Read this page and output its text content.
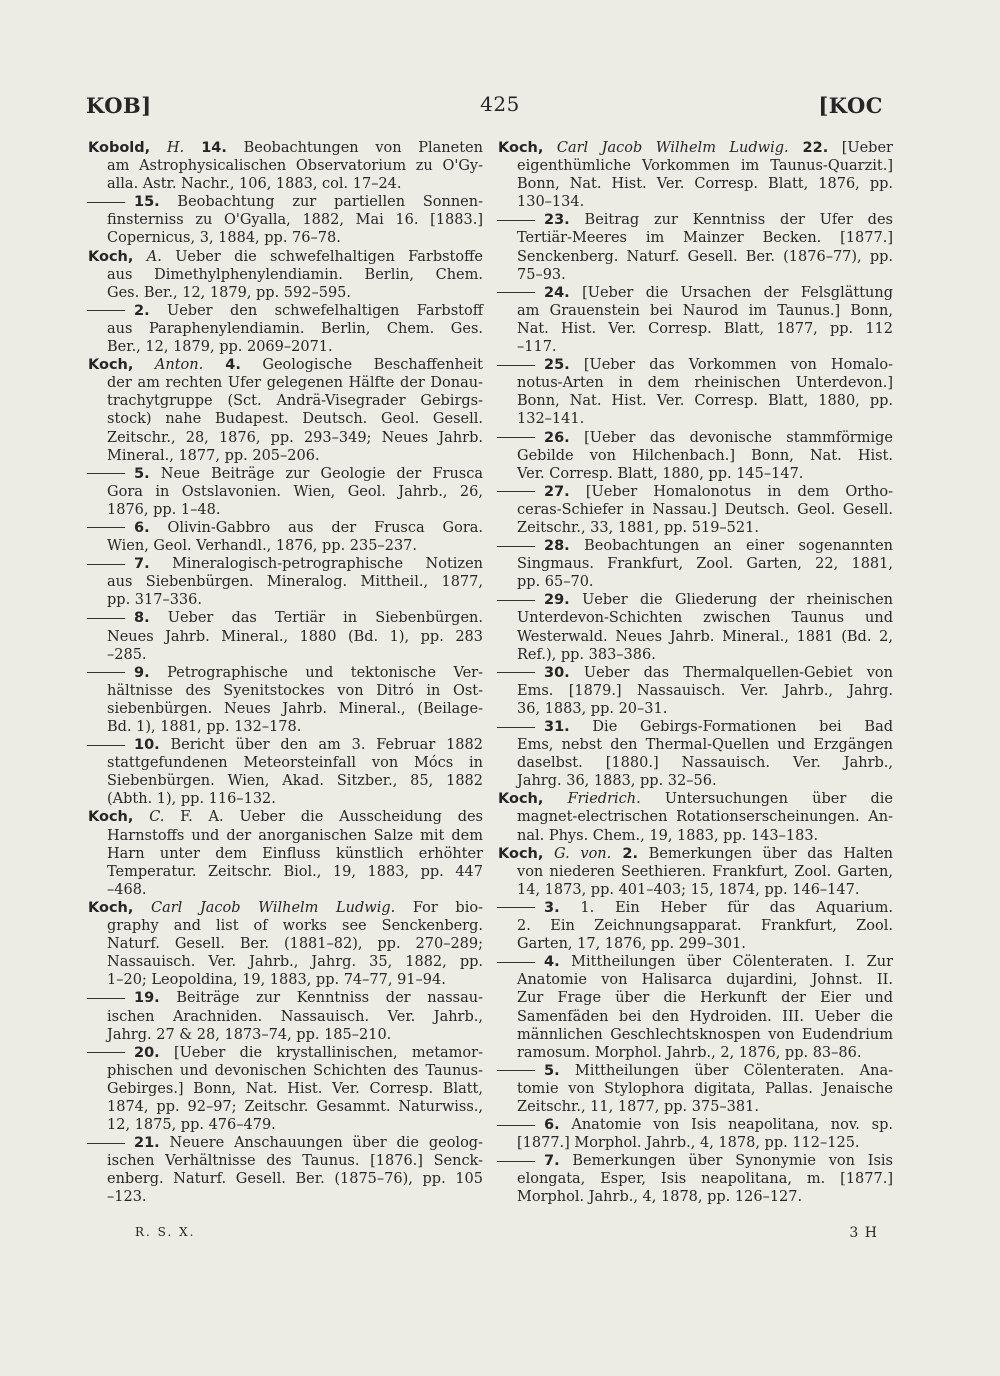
KOB]	425	[KOC
Kobold, H. 14. Beobachtungen von Planeten
am Astrophysicalischen Observatorium zu O'Gy-
alla. Astr. Nachr., 106, 1883, col. 17–24.
15. Beobachtung zur partiellen Sonnen-
finsterniss zu O'Gyalla, 1882, Mai 16. [1883.]
Copernicus, 3, 1884, pp. 76–78.
Koch, A. Ueber die schwefelhaltigen Farbstoffe
aus Dimethylphenylendiamin. Berlin, Chem.
Ges. Ber., 12, 1879, pp. 592–595.
2. Ueber den schwefelhaltigen Farbstoff
aus Paraphenylendiamin. Berlin, Chem. Ges.
Ber., 12, 1879, pp. 2069–2071.
Koch, Anton. 4. Geologische Beschaffenheit
der am rechten Ufer gelegenen Hälfte der Donau-
trachytgruppe (Sct. Andrä-Visegrader Gebirgs-
stock) nahe Budapest. Deutsch. Geol. Gesell.
Zeitschr., 28, 1876, pp. 293–349; Neues Jahrb.
Mineral., 1877, pp. 205–206.
5. Neue Beiträge zur Geologie der Frusca
Gora in Ostslavonien. Wien, Geol. Jahrb., 26,
1876, pp. 1–48.
6. Olivin-Gabbro aus der Frusca Gora.
Wien, Geol. Verhandl., 1876, pp. 235–237.
7. Mineralogisch-petrographische Notizen
aus Siebenbürgen. Mineralog. Mittheil., 1877,
pp. 317–336.
8. Ueber das Tertiär in Siebenbürgen.
Neues Jahrb. Mineral., 1880 (Bd. 1), pp. 283
–285.
9. Petrographische und tektonische Ver-
hältnisse des Syenitstockes von Ditró in Ost-
siebenbürgen. Neues Jahrb. Mineral., (Beilage-
Bd. 1), 1881, pp. 132–178.
10. Bericht über den am 3. Februar 1882
stattgefundenen Meteorsteinfall von Mócs in
Siebenbürgen. Wien, Akad. Sitzber., 85, 1882
(Abth. 1), pp. 116–132.
Koch, C. F. A. Ueber die Ausscheidung des
Harnstoffs und der anorganischen Salze mit dem
Harn unter dem Einfluss künstlich erhöhter
Temperatur. Zeitschr. Biol., 19, 1883, pp. 447
–468.
Koch, Carl Jacob Wilhelm Ludwig. For bio-
graphy and list of works see Senckenberg.
Naturf. Gesell. Ber. (1881–82), pp. 270–289;
Nassauisch. Ver. Jahrb., Jahrg. 35, 1882, pp.
1–20; Leopoldina, 19, 1883, pp. 74–77, 91–94.
19. Beiträge zur Kenntniss der nassau-
ischen Arachniden. Nassauisch. Ver. Jahrb.,
Jahrg. 27 & 28, 1873–74, pp. 185–210.
20. [Ueber die krystallinischen, metamor-
phischen und devonischen Schichten des Taunus-
Gebirges.] Bonn, Nat. Hist. Ver. Corresp. Blatt,
1874, pp. 92–97; Zeitschr. Gesammt. Naturwiss.,
12, 1875, pp. 476–479.
21. Neuere Anschauungen über die geolog-
ischen Verhältnisse des Taunus. [1876.] Senck-
enberg. Naturf. Gesell. Ber. (1875–76), pp. 105
–123.
Koch, Carl Jacob Wilhelm Ludwig. 22. [Ueber
eigenthümliche Vorkommen im Taunus-Quarzit.]
Bonn, Nat. Hist. Ver. Corresp. Blatt, 1876, pp.
130–134.
23. Beitrag zur Kenntniss der Ufer des
Tertiär-Meeres im Mainzer Becken. [1877.]
Senckenberg. Naturf. Gesell. Ber. (1876–77), pp.
75–93.
24. [Ueber die Ursachen der Felsglättung
am Grauenstein bei Naurod im Taunus.] Bonn,
Nat. Hist. Ver. Corresp. Blatt, 1877, pp. 112
–117.
25. [Ueber das Vorkommen von Homalo-
notus-Arten in dem rheinischen Unterdevon.]
Bonn, Nat. Hist. Ver. Corresp. Blatt, 1880, pp.
132–141.
26. [Ueber das devonische stammförmige
Gebilde von Hilchenbach.] Bonn, Nat. Hist.
Ver. Corresp. Blatt, 1880, pp. 145–147.
27. [Ueber Homalonotus in dem Ortho-
ceras-Schiefer in Nassau.] Deutsch. Geol. Gesell.
Zeitschr., 33, 1881, pp. 519–521.
28. Beobachtungen an einer sogenannten
Singmaus. Frankfurt, Zool. Garten, 22, 1881,
pp. 65–70.
29. Ueber die Gliederung der rheinischen
Unterdevon-Schichten zwischen Taunus und
Westerwald. Neues Jahrb. Mineral., 1881 (Bd. 2,
Ref.), pp. 383–386.
30. Ueber das Thermalquellen-Gebiet von
Ems. [1879.] Nassauisch. Ver. Jahrb., Jahrg.
36, 1883, pp. 20–31.
31. Die Gebirgs-Formationen bei Bad
Ems, nebst den Thermal-Quellen und Erzgängen
daselbst. [1880.] Nassauisch. Ver. Jahrb.,
Jahrg. 36, 1883, pp. 32–56.
Koch, Friedrich. Untersuchungen über die
magnet-electrischen Rotationserscheinungen. An-
nal. Phys. Chem., 19, 1883, pp. 143–183.
Koch, G. von. 2. Bemerkungen über das Halten
von niederen Seethieren. Frankfurt, Zool. Garten,
14, 1873, pp. 401–403; 15, 1874, pp. 146–147.
3. 1. Ein Heber für das Aquarium.
2. Ein Zeichnungsapparat. Frankfurt, Zool.
Garten, 17, 1876, pp. 299–301.
4. Mittheilungen über Cölenteraten. I. Zur
Anatomie von Halisarca dujardini, Johnst. II.
Zur Frage über die Herkunft der Eier und
Samenfäden bei den Hydroiden. III. Ueber die
männlichen Geschlechtsknospen von Eudendrium
ramosum. Morphol. Jahrb., 2, 1876, pp. 83–86.
5. Mittheilungen über Cölenteraten. Ana-
tomie von Stylophora digitata, Pallas. Jenaische
Zeitschr., 11, 1877, pp. 375–381.
6. Anatomie von Isis neapolitana, nov. sp.
[1877.] Morphol. Jahrb., 4, 1878, pp. 112–125.
7. Bemerkungen über Synonymie von Isis
elongata, Esper, Isis neapolitana, m. [1877.]
Morphol. Jahrb., 4, 1878, pp. 126–127.
R. S. X.	3 H
